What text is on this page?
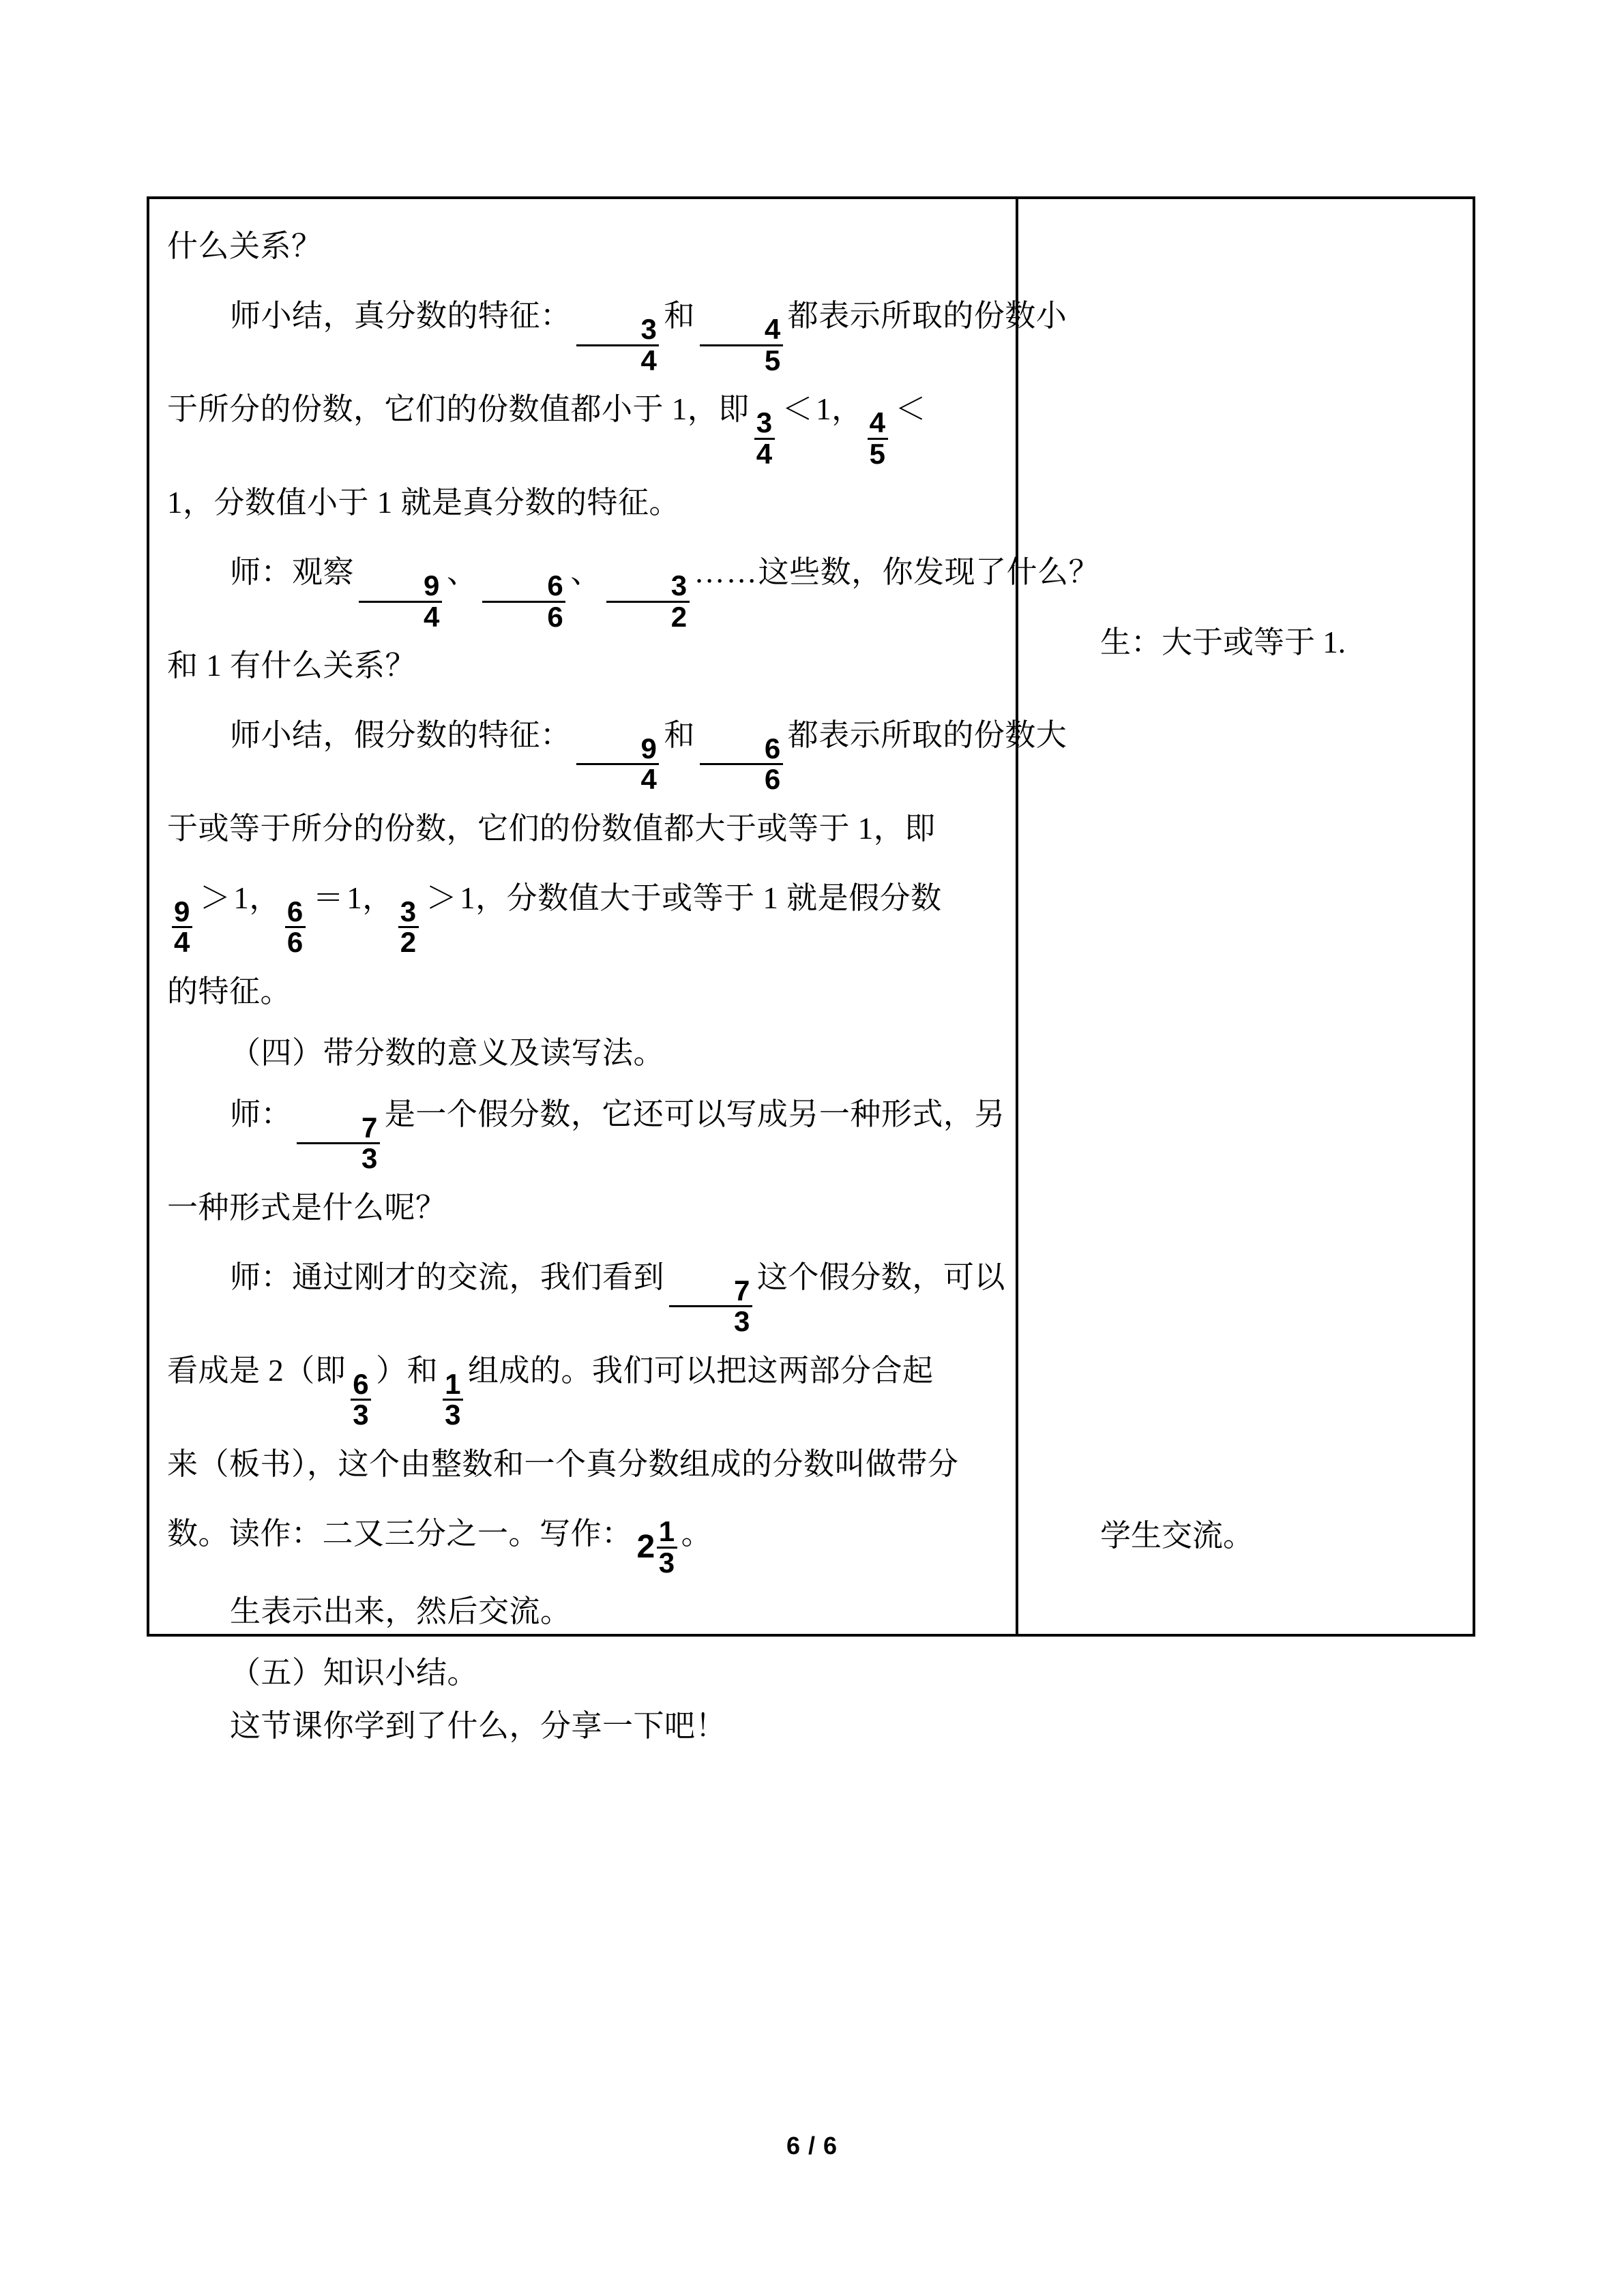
什么关系？
师小结，真分数的特征：
$\frac{3}{4}$
和
$\frac{4}{5}$
都表示所取的份数小
于所分的份数，它们的份数值都小于 1，即
$\frac{3}{4}$
＜1，
$\frac{4}{5}$
＜
1，分数值小于 1 就是真分数的特征。
师：观察
$\frac{9}{4}$
、
$\frac{6}{6}$
、
$\frac{3}{2}$
……这些数，你发现了什么？
和 1 有什么关系？
师小结，假分数的特征：
$\frac{9}{4}$
和
$\frac{6}{6}$
都表示所取的份数大
于或等于所分的份数，它们的份数值都大于或等于 1，即
$\frac{9}{4}$
＞1，
$\frac{6}{6}$
＝1，
$\frac{3}{2}$
＞1，分数值大于或等于 1 就是假分数
的特征。
（四）带分数的意义及读写法。
师：
$\frac{7}{3}$
是一个假分数，它还可以写成另一种形式，另
一种形式是什么呢？
师：通过刚才的交流，我们看到
$\frac{7}{3}$
这个假分数，可以
看成是 2（即
$\frac{6}{3}$
）和
$\frac{1}{3}$
组成的。我们可以把这两部分合起
来（板书），这个由整数和一个真分数组成的分数叫做带分
数。读作：二又三分之一。写作： $2 \frac{1}{3}$ 。
生表示出来，然后交流。
（五）知识小结。
这节课你学到了什么，分享一下吧！
生：大于或等于 1.
学生交流。
6 / 6
